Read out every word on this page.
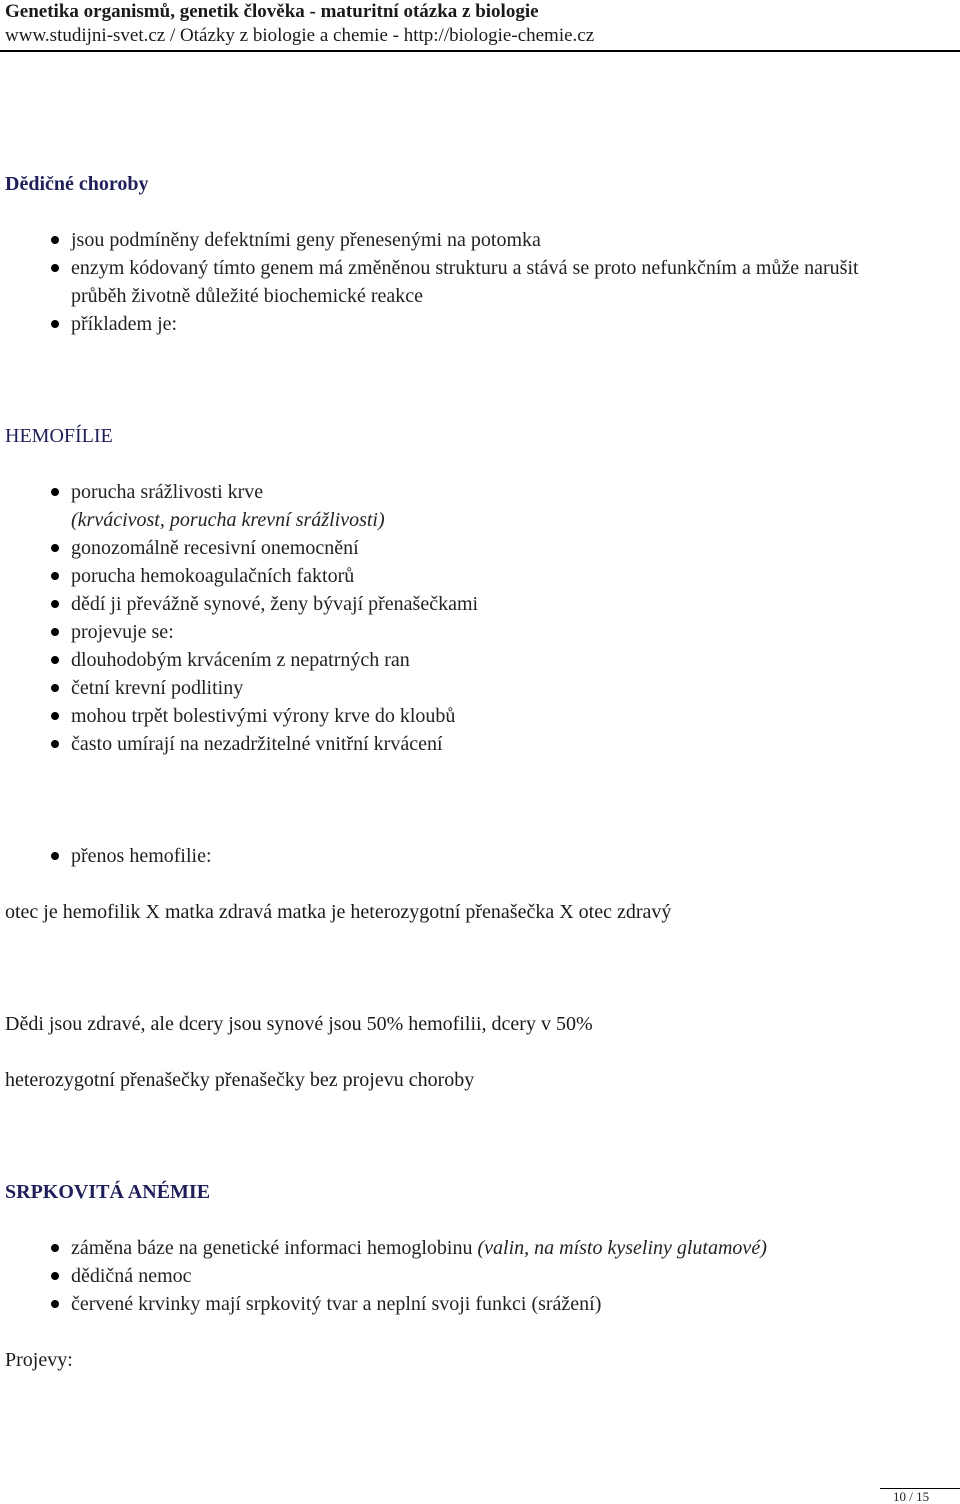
Genetika organismů, genetik člověka - maturitní otázka z biologie
www.studijni-svet.cz / Otázky z biologie a chemie - http://biologie-chemie.cz
Dědičné choroby
jsou podmíněny defektními geny přenesenými na potomka
enzym kódovaný tímto genem má změněnou strukturu a stává se proto nefunkčním a může narušit
průběh životně důležité biochemické reakce
příkladem je:
HEMOFÍLIE
porucha srážlivosti krve
(krvácivost, porucha krevní srážlivosti)
gonozomálně recesivní onemocnění
porucha hemokoagulačních faktorů
dědí ji převážně synové, ženy bývají přenašečkami
projevuje se:
dlouhodobým krvácením z nepatrných ran
četní krevní podlitiny
mohou trpět bolestivými výrony krve do kloubů
často umírají na nezadržitelné vnitřní krvácení
přenos hemofilie:
otec je hemofilik X matka zdravá matka je heterozygotní přenašečka X otec zdravý
Dědi jsou zdravé, ale dcery jsou synové jsou 50% hemofilii, dcery v 50%
heterozygotní přenašečky přenašečky bez projevu choroby
SRPKOVITÁ ANÉMIE
záměna báze na genetické informaci hemoglobinu (valin, na místo kyseliny glutamové)
dědičná nemoc
červené krvinky mají srpkovitý tvar a neplní svoji funkci (srážení)
Projevy:
10 / 15
